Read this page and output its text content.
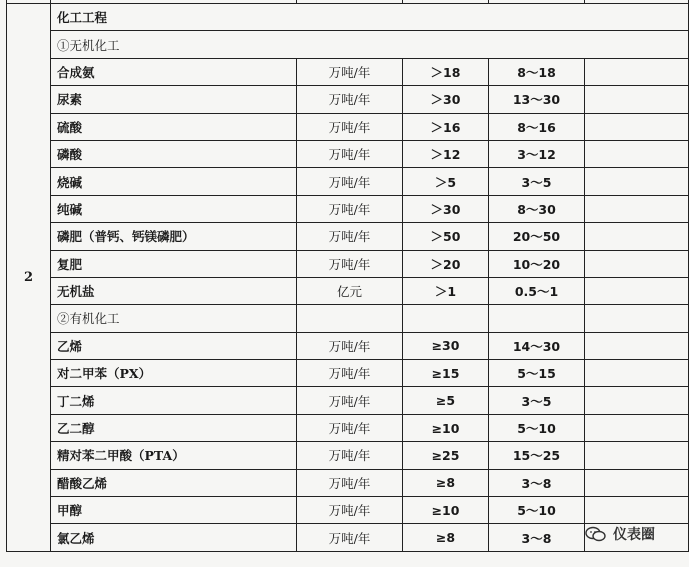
2	化工工程				
	①无机化工				
	合成氨	万吨/年	＞18	8～18	
	尿素	万吨/年	＞30	13～30	
	硫酸	万吨/年	＞16	8～16	
	磷酸	万吨/年	＞12	3～12	
	烧碱	万吨/年	＞5	3～5	
	纯碱	万吨/年	＞30	8～30	
	磷肥（普钙、钙镁磷肥）	万吨/年	＞50	20～50	
	复肥	万吨/年	＞20	10～20	
	无机盐	亿元	＞1	0.5～1	
	②有机化工				
	乙烯	万吨/年	≥30	14～30	
	对二甲苯（PX）	万吨/年	≥15	5～15	
	丁二烯	万吨/年	≥5	3～5	
	乙二醇	万吨/年	≥10	5～10	
	精对苯二甲酸（PTA）	万吨/年	≥25	15～25	
	醋酸乙烯	万吨/年	≥8	3～8	
	甲醇	万吨/年	≥10	5～10	
	氯乙烯	万吨/年	≥8	3～8		仪表圈
